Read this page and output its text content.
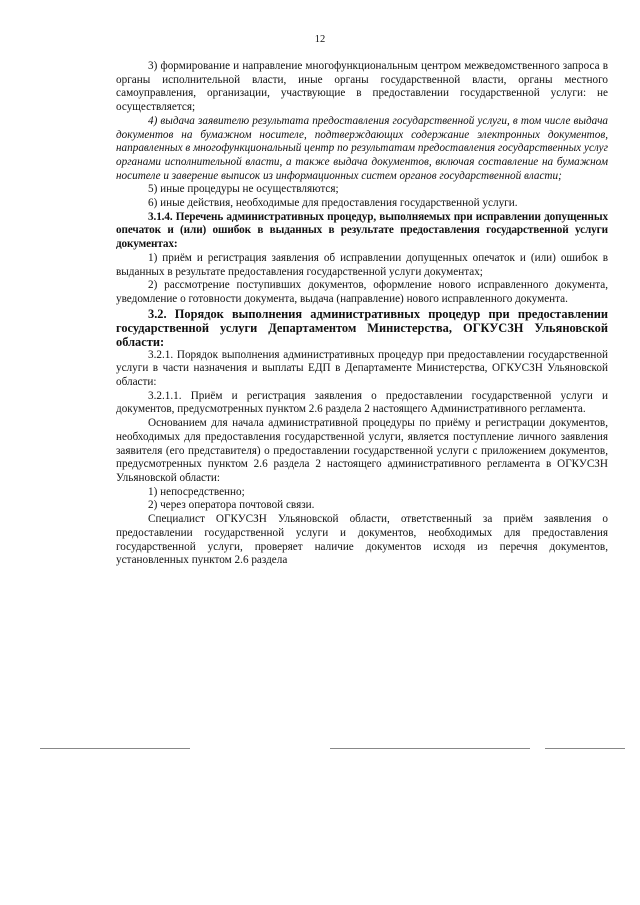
12

3) формирование и направление многофункциональным центром межведомственного запроса в органы исполнительной власти, иные органы государственной власти, органы местного самоуправления, организации, участвующие в предоставлении государственной услуги: не осуществляется;

4) выдача заявителю результата предоставления государственной услуги, в том числе выдача документов на бумажном носителе, подтверждающих содержание электронных документов, направленных в многофункциональный центр по результатам предоставления государственных услуг органами исполнительной власти, а также выдача документов, включая составление на бумажном носителе и заверение выписок из информационных систем органов государственной власти;

5) иные процедуры не осуществляются;

6) иные действия, необходимые для предоставления государственной услуги.

3.1.4. Перечень административных процедур, выполняемых при исправлении допущенных опечаток и (или) ошибок в выданных в результате предоставления государственной услуги документах:

1) приём и регистрация заявления об исправлении допущенных опечаток и (или) ошибок в выданных в результате предоставления государственной услуги документах;

2) рассмотрение поступивших документов, оформление нового исправленного документа, уведомление о готовности документа, выдача (направление) нового исправленного документа.

3.2. Порядок выполнения административных процедур при предоставлении государственной услуги Департаментом Министерства, ОГКУСЗН Ульяновской области:

3.2.1. Порядок выполнения административных процедур при предоставлении государственной услуги в части назначения и выплаты ЕДП в Департаменте Министерства, ОГКУСЗН Ульяновской области:

3.2.1.1. Приём и регистрация заявления о предоставлении государственной услуги и документов, предусмотренных пунктом 2.6 раздела 2 настоящего Административного регламента.

Основанием для начала административной процедуры по приёму и регистрации документов, необходимых для предоставления государственной услуги, является поступление личного заявления заявителя (его представителя) о предоставлении государственной услуги с приложением документов, предусмотренных пунктом 2.6 раздела 2 настоящего административного регламента в ОГКУСЗН Ульяновской области:

1) непосредственно;

2) через оператора почтовой связи.

Специалист ОГКУСЗН Ульяновской области, ответственный за приём заявления о предоставлении государственной услуги и документов, необходимых для предоставления государственной услуги, проверяет наличие документов исходя из перечня документов, установленных пунктом 2.6 раздела
